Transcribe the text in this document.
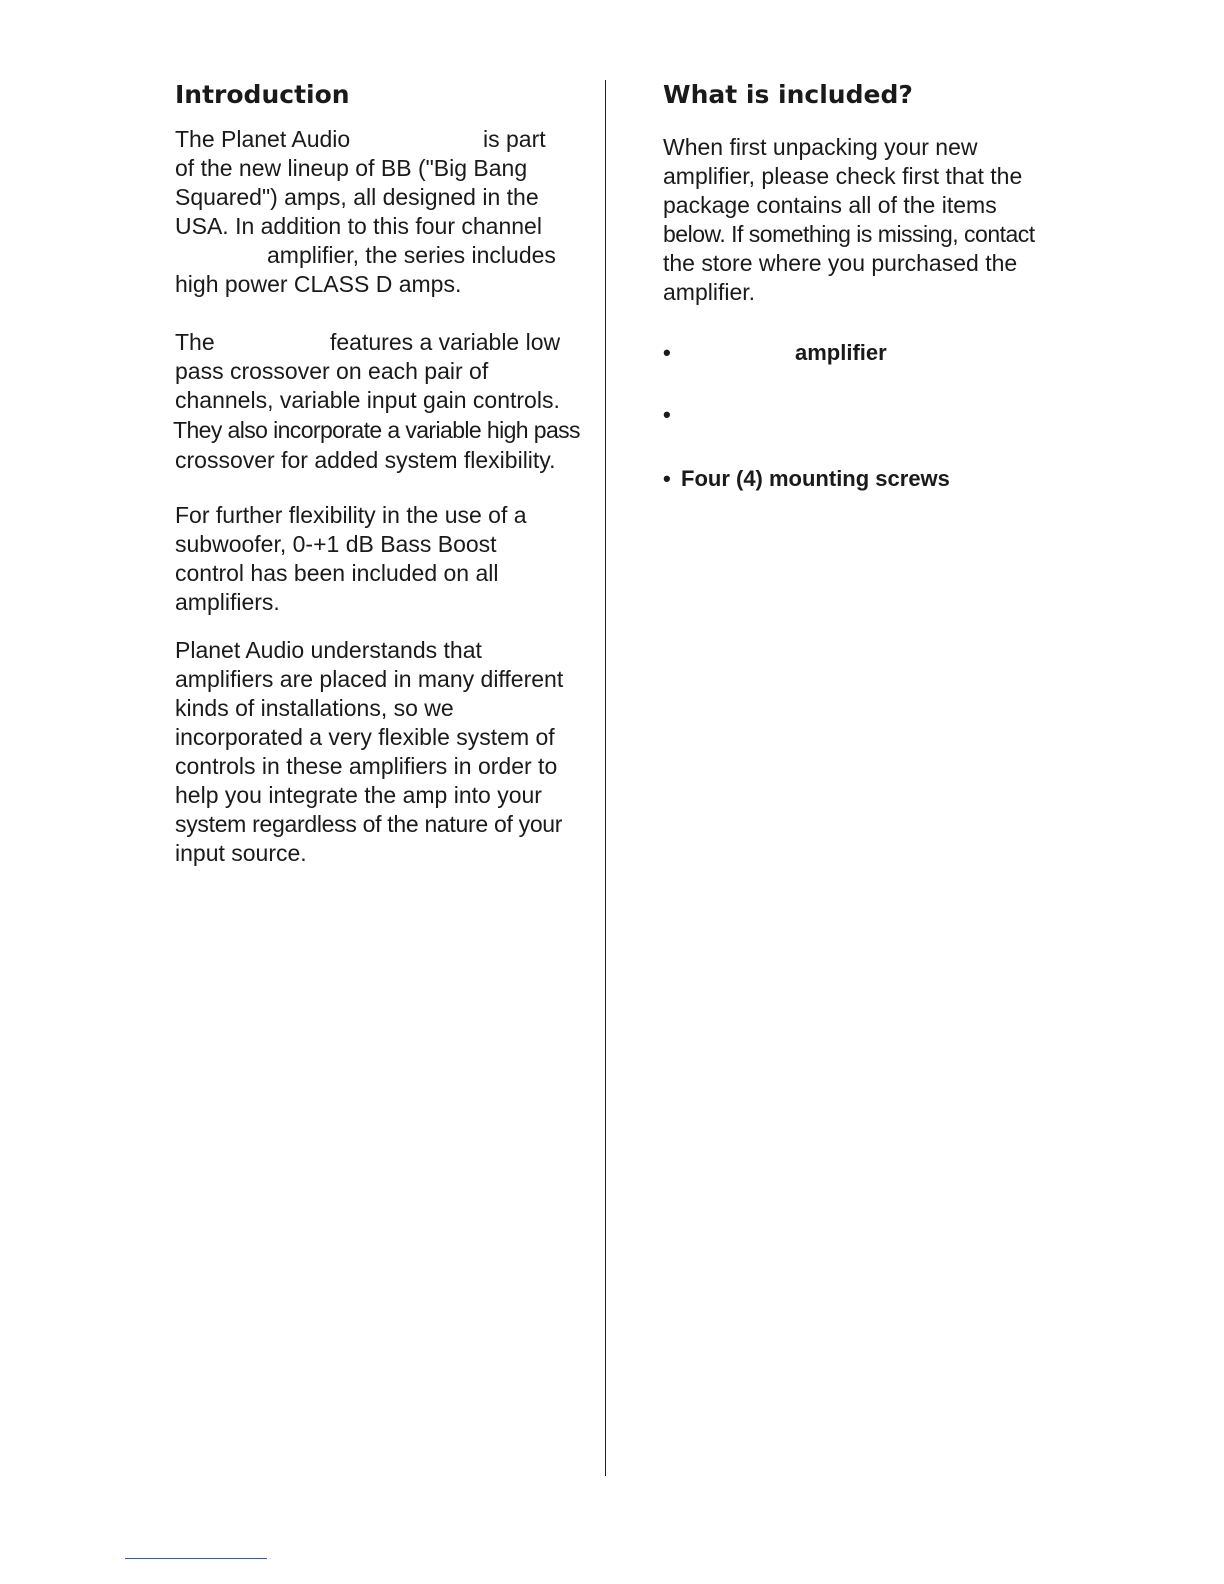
Introduction
The Planet Audio	is part
of the new lineup of BB ("Big Bang
Squared") amps, all designed in the
USA. In addition to this four channel
amplifier, the series includes
high power CLASS D amps.
The	features a variable low
pass crossover on each pair of
channels, variable input gain controls.
They also incorporate a variable high pass
crossover for added system flexibility.
For further flexibility in the use of a
subwoofer, 0-+1 dB Bass Boost
control has been included on all
amplifiers.
Planet Audio understands that
amplifiers are placed in many different
kinds of installations, so we
incorporated a very flexible system of
controls in these amplifiers in order to
help you integrate the amp into your
system regardless of the nature of your
input source.
What is included?
When first unpacking your new
amplifier, please check first that the
package contains all of the items
below. If something is missing, contact
the store where you purchased the
amplifier.
•	amplifier
•
• Four (4) mounting screws
